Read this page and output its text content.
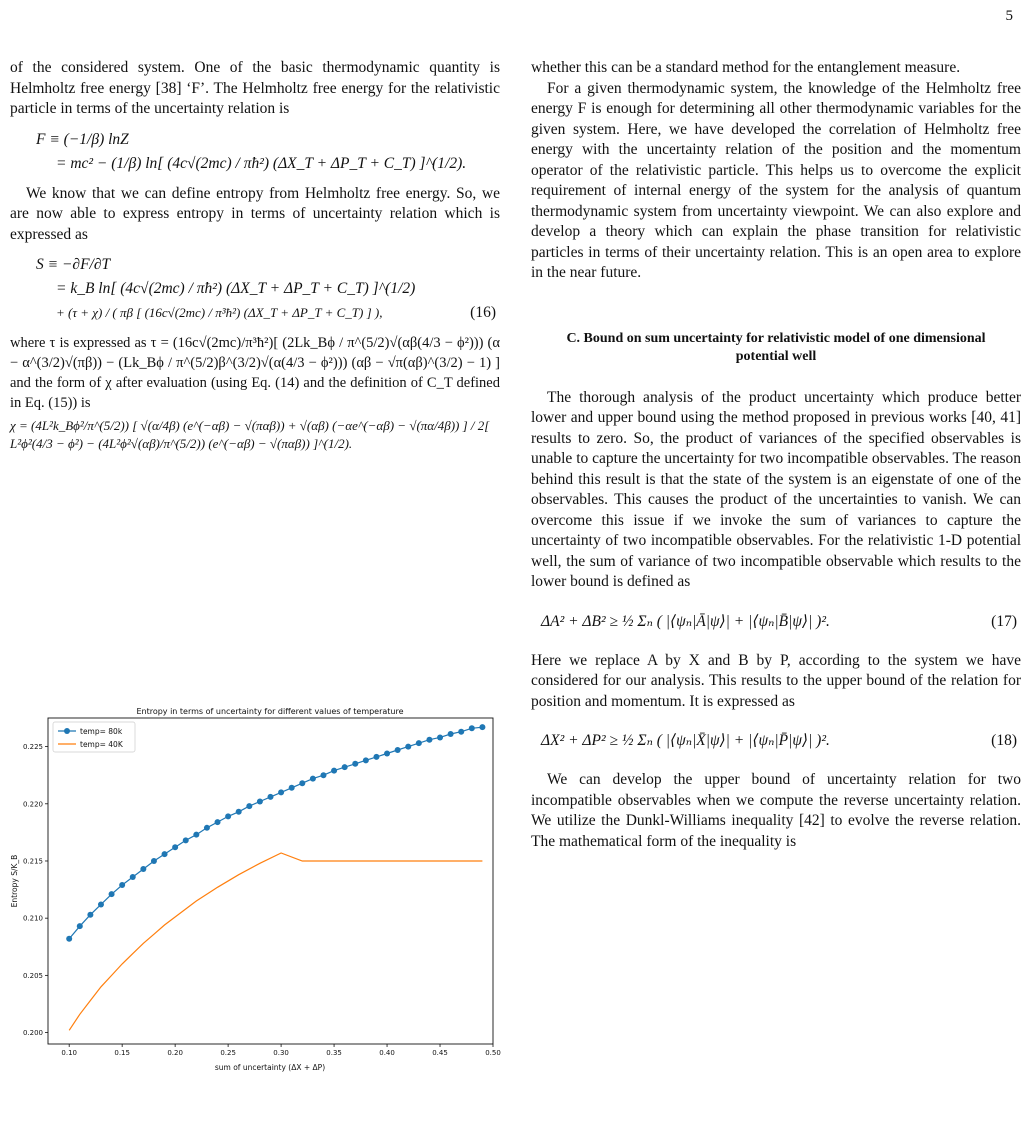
5

of the considered system. One of the basic thermodynamic quantity is Helmholtz free energy [38] ‘F’. The Helmholtz free energy for the relativistic particle in terms of the uncertainty relation is

F ≡ (−1/β) lnZ
= mc² − (1/β) ln[ (4c√(2mc) / πħ²) (ΔX_T + ΔP_T + C_T) ]^(1/2).

We know that we can define entropy from Helmholtz free energy. So, we are now able to express entropy in terms of uncertainty relation which is expressed as

S ≡ −∂F/∂T
= k_B ln[ (4c√(2mc) / πħ²) (ΔX_T + ΔP_T + C_T) ]^(1/2)
+ (τ + χ) / ( πβ [ (16c√(2mc) / π³ħ²) (ΔX_T + ΔP_T + C_T) ] ),	(16)

where τ is expressed as τ = (16c√(2mc)/π³ħ²)[ (2Lk_Bϕ / π^(5/2)√(αβ(4/3 − ϕ²))) (α − α^(3/2)√(πβ)) − (Lk_Bϕ / π^(5/2)β^(3/2)√(α(4/3 − ϕ²))) (αβ − √π(αβ)^(3/2) − 1) ] and the form of χ after evaluation (using Eq. (14) and the definition of C_T defined in Eq. (15)) is

χ = (4L²k_Bϕ²/π^(5/2)) [ √(α/4β) (e^(−αβ) − √(παβ)) + √(αβ) (−αe^(−αβ) − √(πα/4β)) ] / 2[ L²ϕ²(4/3 − ϕ²) − (4L²ϕ²√(αβ)/π^(5/2)) (e^(−αβ) − √(παβ)) ]^(1/2).
Entropy in terms of uncertainty for different values of temperature
0.200
0.205
0.210
0.215
0.220
0.225
0.10	0.15	0.20	0.25	0.30	0.35	0.40	0.45	0.50
temp= 80k
temp= 40K
sum of uncertainty (ΔX + ΔP)
Entropy S/K_B

whether this can be a standard method for the entanglement measure.

For a given thermodynamic system, the knowledge of the Helmholtz free energy F is enough for determining all other thermodynamic variables for the given system. Here, we have developed the correlation of Helmholtz free energy with the uncertainty relation of the position and the momentum operator of the relativistic particle. This helps us to overcome the explicit requirement of internal energy of the system for the analysis of quantum thermodynamic system from uncertainty viewpoint. We can also explore and develop a theory which can explain the phase transition for relativistic particles in terms of their uncertainty relation. This is an open area to explore in the near future.

C. Bound on sum uncertainty for relativistic model of one dimensional potential well

The thorough analysis of the product uncertainty which produce better lower and upper bound using the method proposed in previous works [40, 41] results to zero. So, the product of variances of the specified observables is unable to capture the uncertainty for two incompatible observables. The reason behind this result is that the state of the system is an eigenstate of one of the observables. This causes the product of the uncertainties to vanish. We can overcome this issue if we invoke the sum of variances to capture the uncertainty of two incompatible observables. For the relativistic 1-D potential well, the sum of variance of two incompatible observable which results to the lower bound is defined as

ΔA² + ΔB² ≥ ½ Σₙ ( |⟨ψₙ|Ā|ψ⟩| + |⟨ψₙ|B̄|ψ⟩| )².	(17)

Here we replace A by X and B by P, according to the system we have considered for our analysis. This results to the upper bound of the relation for position and momentum. It is expressed as

ΔX² + ΔP² ≥ ½ Σₙ ( |⟨ψₙ|X̄|ψ⟩| + |⟨ψₙ|P̄|ψ⟩| )².	(18)

We can develop the upper bound of uncertainty relation for two incompatible observables when we compute the reverse uncertainty relation. We utilize the Dunkl-Williams inequality [42] to evolve the reverse relation. The mathematical form of the inequality is
